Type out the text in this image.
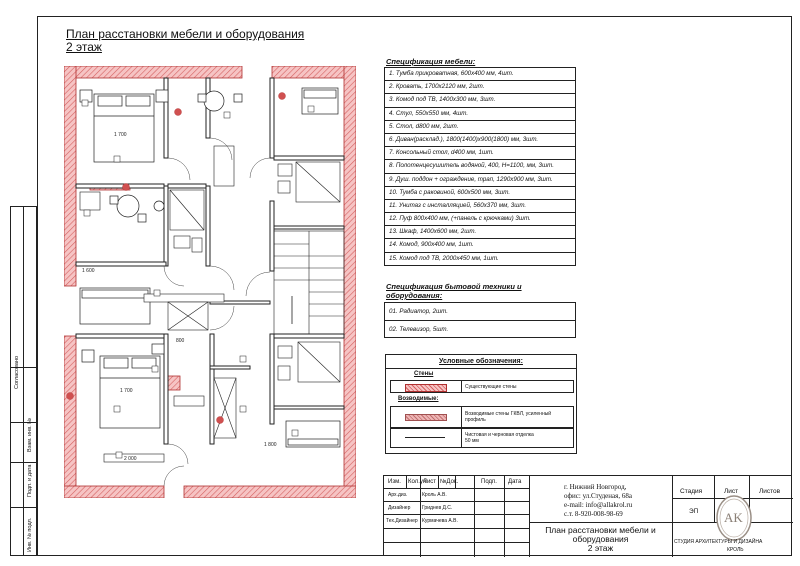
План расстановки мебели и оборудования
2 этаж
Согласовано
Взам. инв. №
Подп. и дата
Инв. № подл.
1 700
1 700
2 000
1 600
1 800
800
Спецификация мебели:
1. Тумба прикроватная, 600х400 мм, 4шт.
2. Кровать, 1700х2120 мм, 2шт.
3. Комод под ТВ, 1400х300 мм, 3шт.
4. Стул, 550х550 мм, 4шт.
5. Стол, d800 мм, 2шт.
6. Диван(расклад.), 1800(1400)х900(1800) мм, 3шт.
7. Консольный стол, d400 мм, 1шт.
8. Полотенцесушитель водяной, 400, H=1100, мм, 3шт.
9. Душ. поддон + ограждение, трап, 1290х900 мм, 3шт.
10. Тумба с раковиной, 600х500 мм, 3шт.
11. Унитаз с инсталляцией, 560х370 мм, 3шт.
12. Пуф 800х400 мм, (+панель с крючками) 3шт.
13. Шкаф, 1400х600 мм, 2шт.
14. Комод, 900х400 мм, 1шт.
15. Комод под ТВ, 2000х450 мм, 1шт.
Спецификация бытовой техники и
оборудования:
01. Радиатор, 2шт.
02. Телевизор, 5шт.
Условные обозначения:
Стены
Существующие стены
Возводимые:
Возводимые стены ГКВЛ, усиленный
профиль
Чистовая и черновая отделка
50 мм
Изм. Кол.уч
Лист №Док.	Подп. Дата
Арх.диз.	Кроль А.В.
Дизайнер Гриднев Д.С.
Тех.Дизайнер Курмачева А.В.
г. Нижний Новгород,
офис: ул.Студеная, 68а
e-mail: info@allakrol.ru
с.т. 8-920-008-98-69
План расстановки мебели и
оборудования
2 этаж
Стадия	Лист	Листов
ЭП AK
СТУДИЯ АРХИТЕКТУРЫ И ДИЗАЙНА
КРОЛЬ
